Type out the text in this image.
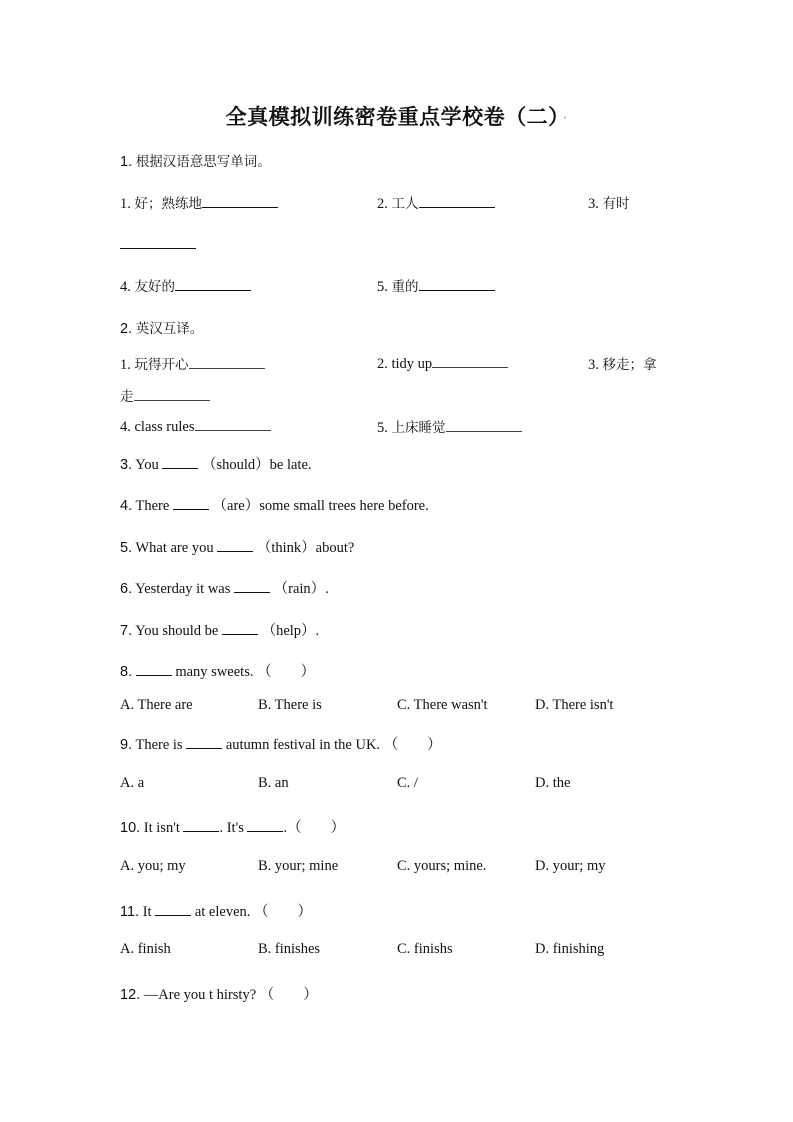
全真模拟训练密卷重点学校卷（二） ·
1. 根据汉语意思写单词。
1. 好；熟练地	2. 工人	3. 有时
4. 友好的	5. 重的
2. 英汉互译。
1. 玩得开心	2. tidy up	3. 移走；拿
走
4. class rules	5. 上床睡觉
3. You	（should）be late.
4. There	（are）some small trees here before.
5. What are you	（think）about?
6. Yesterday it was	（rain）.
7. You should be	（help）.
8.	many sweets. （　　）
A. There are	B. There is	C. There wasn't	D. There isn't
9. There is	autumn festival in the UK. （　　）
A. a	B. an	C. /	D. the
10. It isn't	. It's	.（　　）
A. you; my	B. your; mine	C. yours; mine.	D. your; my
11. It	at eleven. （　　）
A. finish	B. finishes	C. finishs	D. finishing
12. —Are you t hirsty? （　　）
